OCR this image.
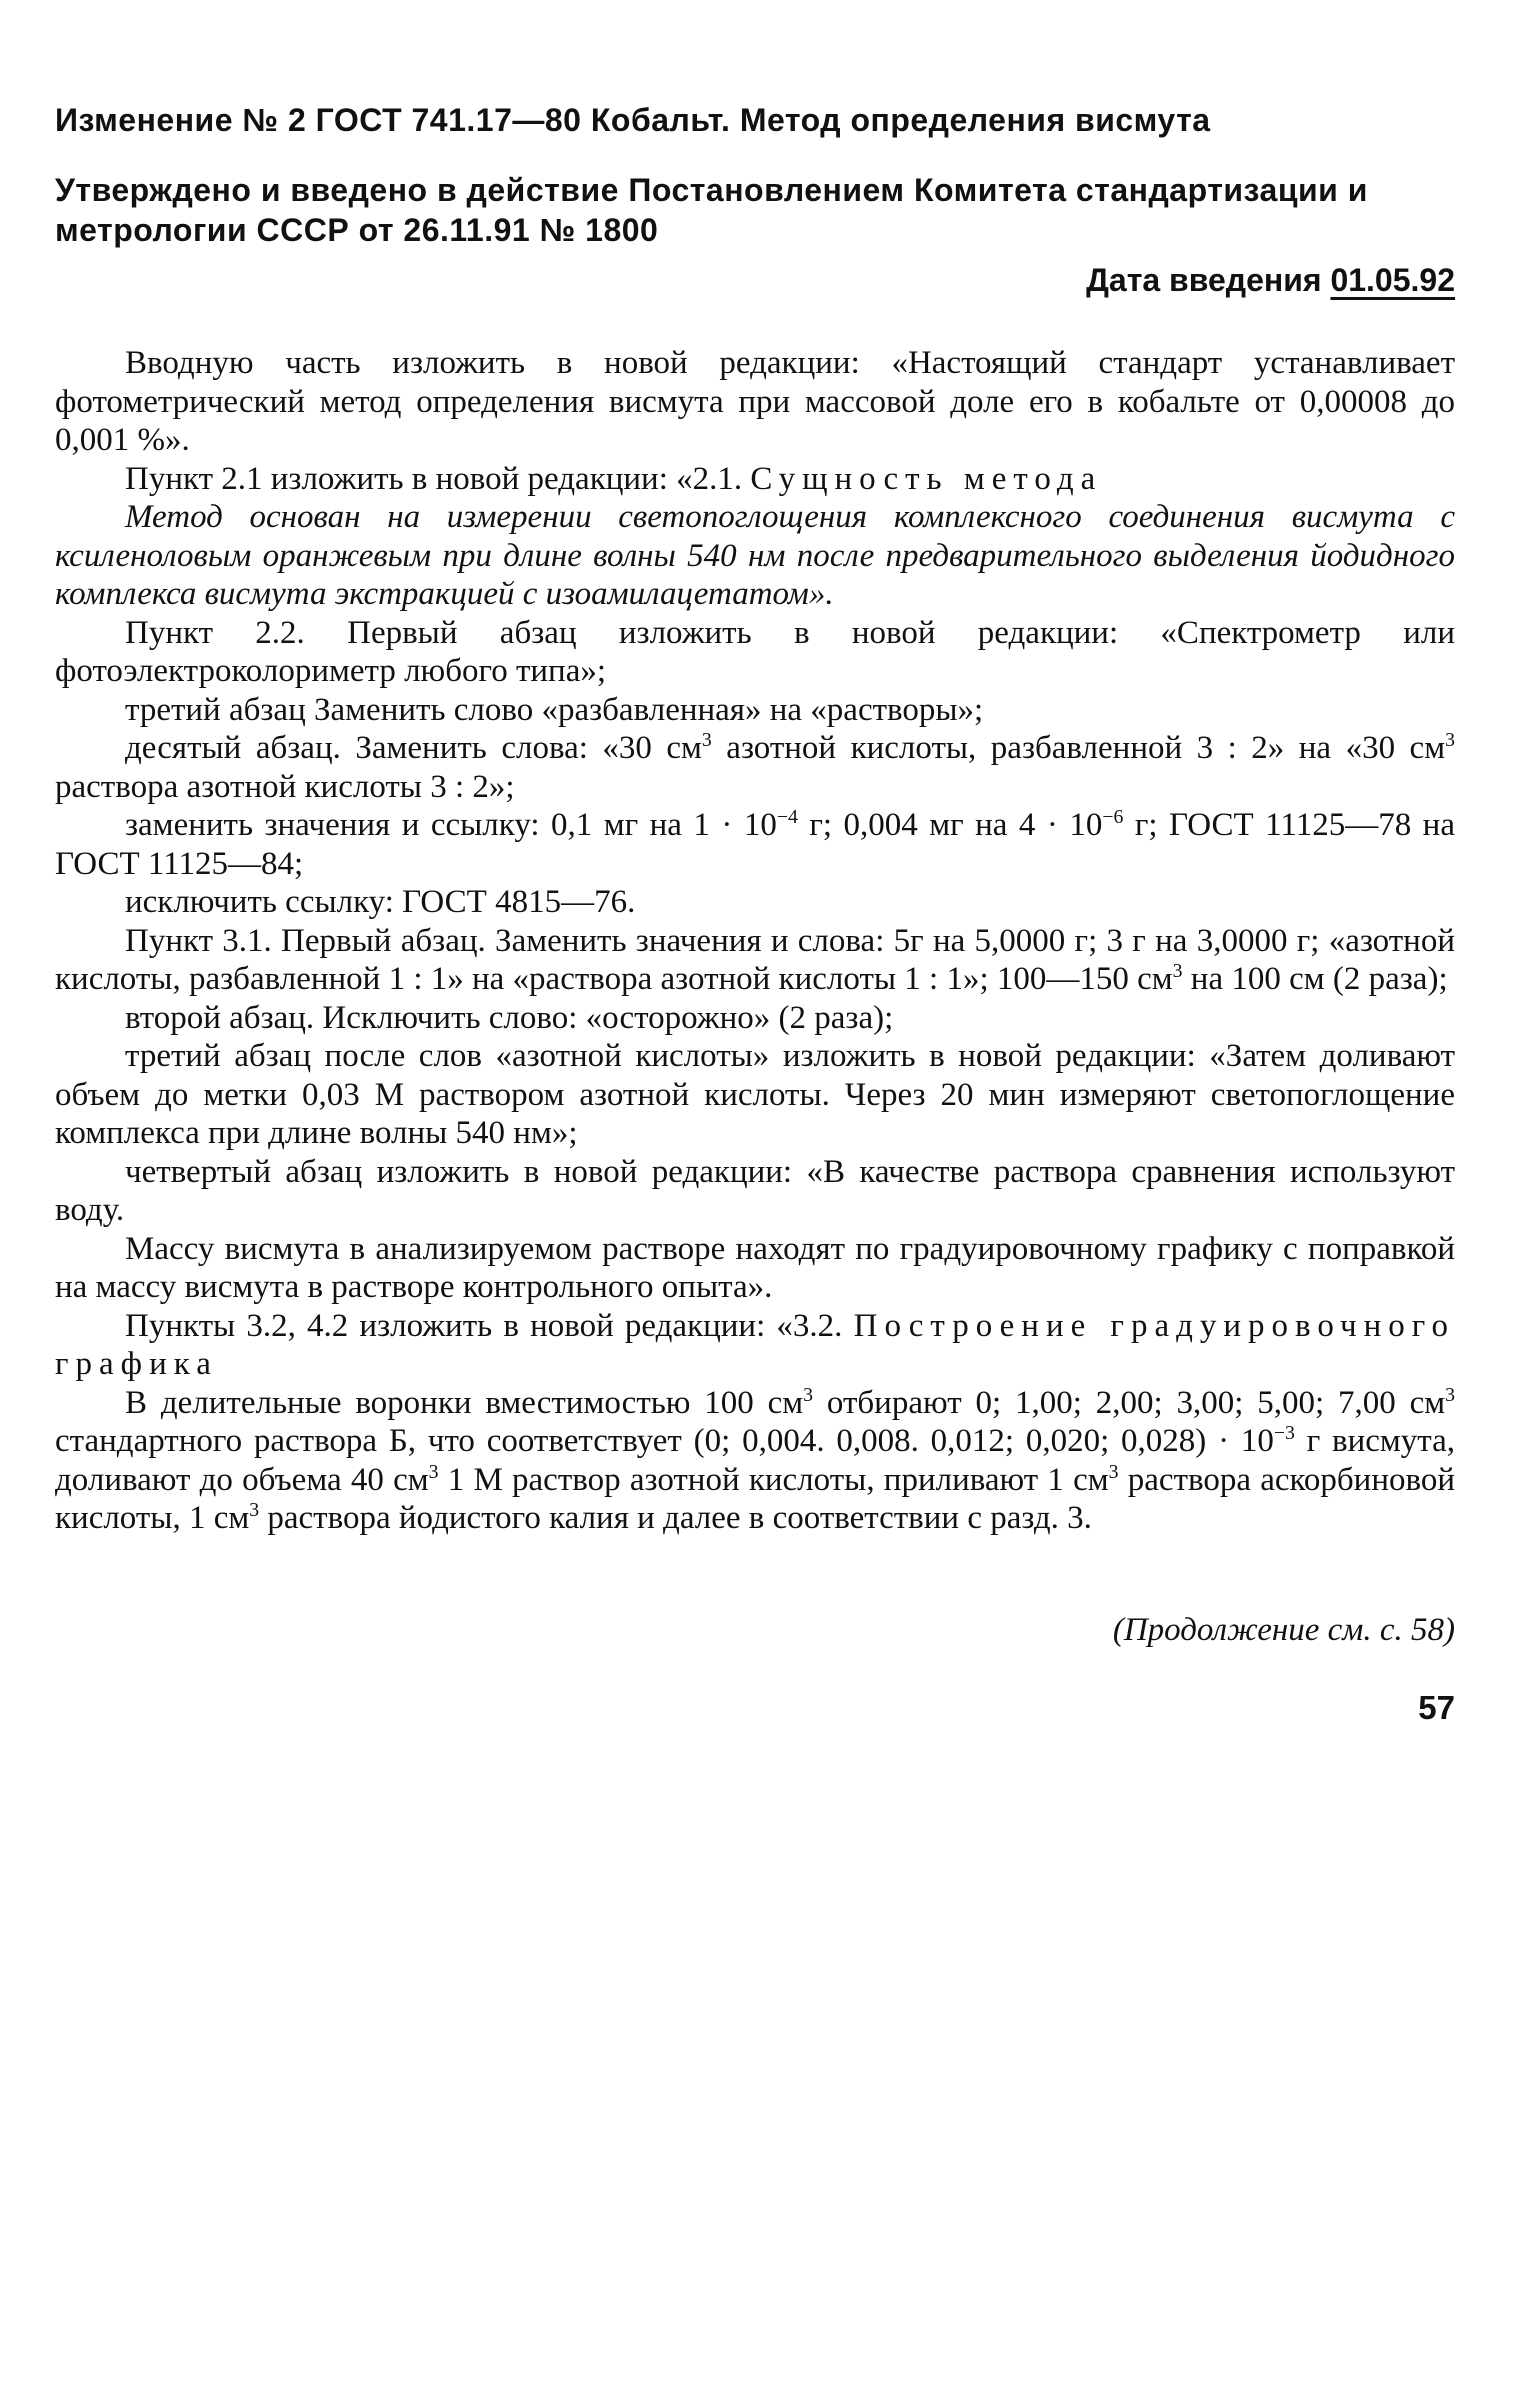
Изменение № 2 ГОСТ 741.17—80 Кобальт. Метод определения висмута
Утверждено и введено в действие Постановлением Комитета стандартизации и метрологии СССР от 26.11.91 № 1800
Дата введения 01.05.92

Вводную часть изложить в новой редакции: «Настоящий стандарт устанавливает фотометрический метод определения висмута при массовой доле его в кобальте от 0,00008 до 0,001 %».

Пункт 2.1 изложить в новой редакции: «2.1. Сущность метода

Метод основан на измерении светопоглощения комплексного соединения висмута с ксиленоловым оранжевым при длине волны 540 нм после предварительного выделения йодидного комплекса висмута экстракцией с изоамилацетатом».

Пункт 2.2. Первый абзац изложить в новой редакции: «Спектрометр или фотоэлектроколориметр любого типа»;

третий абзац Заменить слово «разбавленная» на «растворы»;

десятый абзац. Заменить слова: «30 $см^3$ азотной кислоты, разбавленной 3 : 2» на «30 $см^3$ раствора азотной кислоты 3 : 2»;

заменить значения и ссылку: 0,1 мг на $1 \cdot 10^{-4}$ г; 0,004 мг на $4 \cdot 10^{-6}$ г; ГОСТ 11125—78 на ГОСТ 11125—84;

исключить ссылку: ГОСТ 4815—76.

Пункт 3.1. Первый абзац. Заменить значения и слова: 5г на 5,0000 г; 3 г на 3,0000 г; «азотной кислоты, разбавленной 1 : 1» на «раствора азотной кислоты 1 : 1»; 100—150 $см^3$ на 100 см (2 раза);

второй абзац. Исключить слово: «осторожно» (2 раза);

третий абзац после слов «азотной кислоты» изложить в новой редакции: «Затем доливают объем до метки 0,03 М раствором азотной кислоты. Через 20 мин измеряют светопоглощение комплекса при длине волны 540 нм»;

четвертый абзац изложить в новой редакции: «В качестве раствора сравнения используют воду.

Массу висмута в анализируемом растворе находят по градуировочному графику с поправкой на массу висмута в растворе контрольного опыта».

Пункты 3.2, 4.2 изложить в новой редакции: «3.2. Построение градуировочного графика

В делительные воронки вместимостью 100 $см^3$ отбирают 0; 1,00; 2,00; 3,00; 5,00; 7,00 $см^3$ стандартного раствора Б, что соответствует (0; 0,004. 0,008. 0,012; 0,020; $0,028) \cdot 10^{-3}$ г висмута, доливают до объема 40 $см^3$ 1 М раствор азотной кислоты, приливают 1 $см^3$ раствора аскорбиновой кислоты, 1 $см^3$ раствора йодистого калия и далее в соответствии с разд. 3.

(Продолжение см. с. 58)
57
